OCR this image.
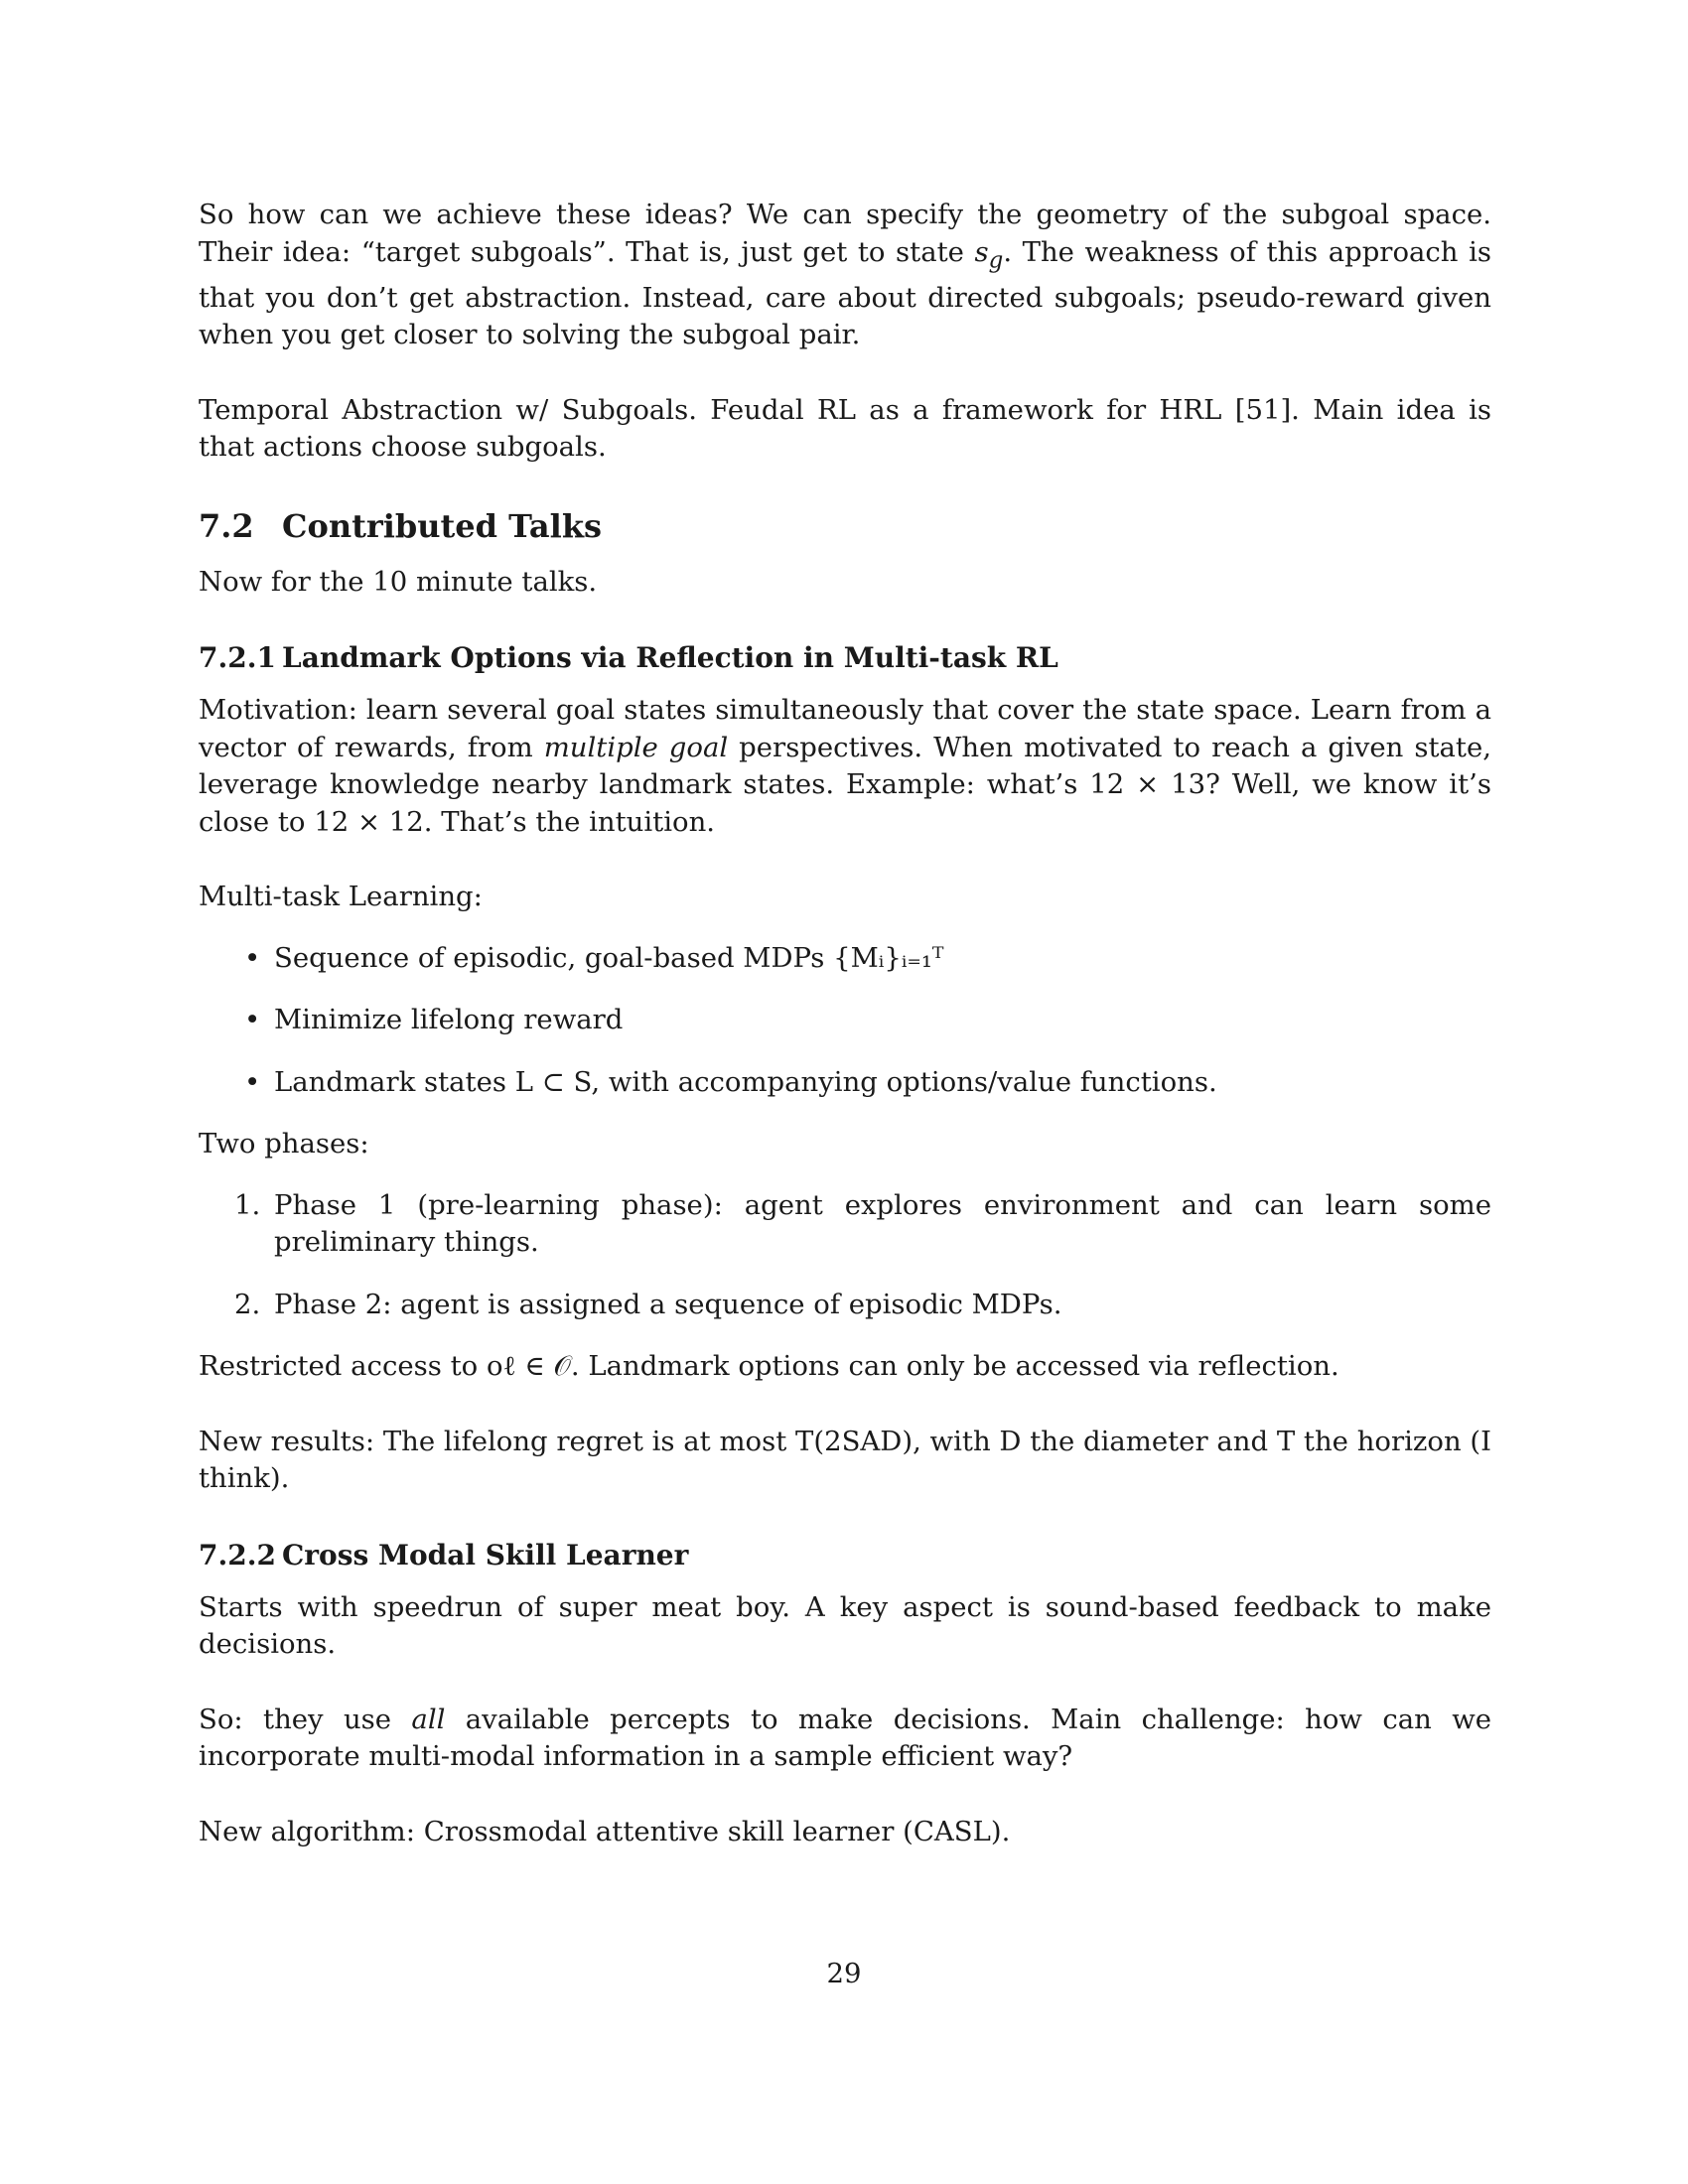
So how can we achieve these ideas? We can specify the geometry of the subgoal space. Their idea: “target subgoals”. That is, just get to state $s_g$. The weakness of this approach is that you don’t get abstraction. Instead, care about directed subgoals; pseudo-reward given when you get closer to solving the subgoal pair.

Temporal Abstraction w/ Subgoals. Feudal RL as a framework for HRL [51]. Main idea is that actions choose subgoals.

7.2 Contributed Talks

Now for the 10 minute talks.

7.2.1 Landmark Options via Reflection in Multi-task RL

Motivation: learn several goal states simultaneously that cover the state space. Learn from a vector of rewards, from multiple goal perspectives. When motivated to reach a given state, leverage knowledge nearby landmark states. Example: what’s 12 × 13? Well, we know it’s close to 12 × 12. That’s the intuition.

Multi-task Learning:

• Sequence of episodic, goal-based MDPs {Mᵢ}ᵢ₌₁ᵀ
• Minimize lifelong reward
• Landmark states L ⊂ S, with accompanying options/value functions.

Two phases:

1. Phase 1 (pre-learning phase): agent explores environment and can learn some preliminary things.
2. Phase 2: agent is assigned a sequence of episodic MDPs.

Restricted access to oℓ ∈ 𝒪. Landmark options can only be accessed via reflection.

New results: The lifelong regret is at most T(2SAD), with D the diameter and T the horizon (I think).

7.2.2 Cross Modal Skill Learner

Starts with speedrun of super meat boy. A key aspect is sound-based feedback to make decisions.

So: they use all available percepts to make decisions. Main challenge: how can we incorporate multi-modal information in a sample efficient way?

New algorithm: Crossmodal attentive skill learner (CASL).

29
